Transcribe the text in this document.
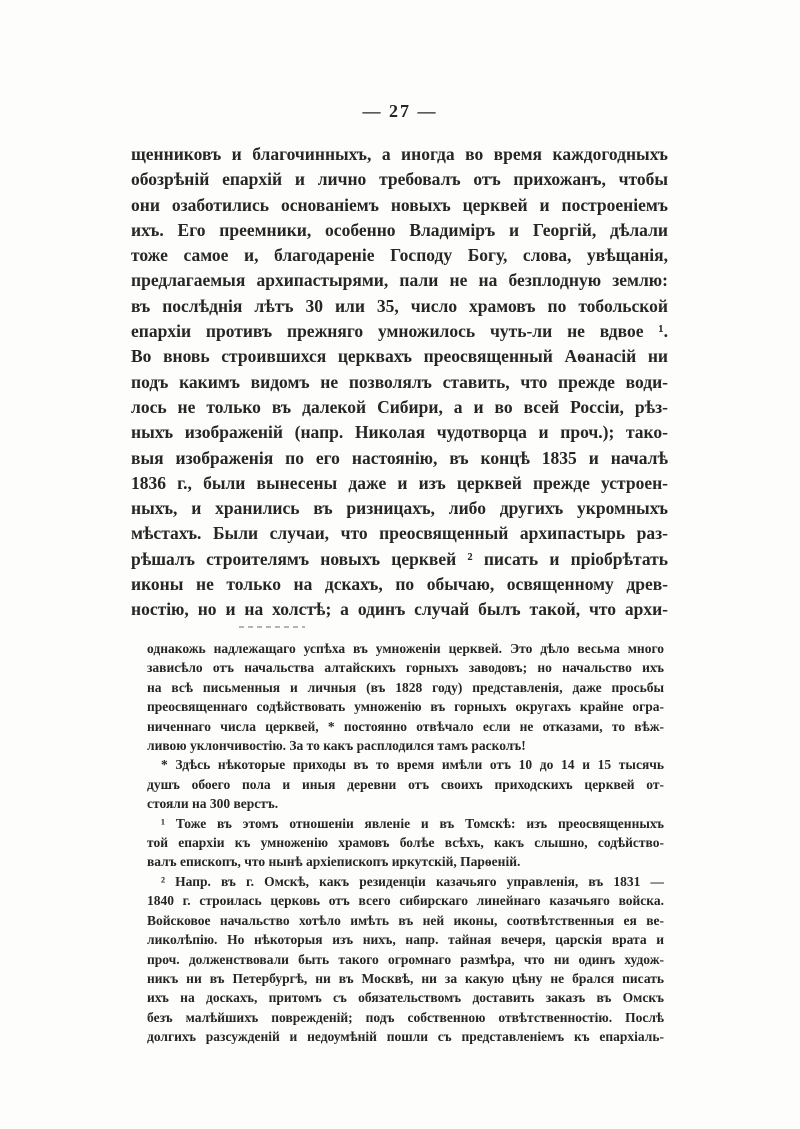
— 27 —
щенниковъ и благочинныхъ, а иногда во время каждогодныхъ
обозрѣній епархій и лично требовалъ отъ прихожанъ, чтобы
они озаботились основаніемъ новыхъ церквей и построеніемъ
ихъ. Его преемники, особенно Владиміръ и Георгій, дѣлали
тоже самое и, благодареніе Господу Богу, слова, увѣщанія,
предлагаемыя архипастырями, пали не на безплодную землю:
въ послѣднія лѣтъ 30 или 35, число храмовъ по тобольской
епархіи противъ прежняго умножилось чуть-ли не вдвое ¹.
Во вновь строившихся церквахъ преосвященный Аѳанасій ни
подъ какимъ видомъ не позволялъ ставить, что прежде води-
лось не только въ далекой Сибири, а и во всей Россіи, рѣз-
ныхъ изображеній (напр. Николая чудотворца и проч.); тако-
выя изображенія по его настоянію, въ концѣ 1835 и началѣ
1836 г., были вынесены даже и изъ церквей прежде устроен-
ныхъ, и хранились въ ризницахъ, либо другихъ укромныхъ
мѣстахъ. Были случаи, что преосвященный архипастырь раз-
рѣшалъ строителямъ новыхъ церквей ² писать и пріобрѣтать
иконы не только на дскахъ, по обычаю, освященному древ-
ностію, но и на холстѣ; а одинъ случай былъ такой, что архи-
однакожь надлежащаго успѣха въ умноженіи церквей. Это дѣло весьма много
зависѣло отъ начальства алтайскихъ горныхъ заводовъ; но начальство ихъ
на всѣ письменныя и личныя (въ 1828 году) представленія, даже просьбы
преосвященнаго содѣйствовать умноженію въ горныхъ округахъ крайне огра-
ниченнаго числа церквей, * постоянно отвѣчало если не отказами, то вѣж-
ливою уклончивостію. За то какъ расплодился тамъ расколъ!
* Здѣсь нѣкоторые приходы въ то время имѣли отъ 10 до 14 и 15 тысячь
душъ обоего пола и иныя деревни отъ своихъ приходскихъ церквей от-
стояли на 300 верстъ.
¹ Тоже въ этомъ отношеніи явленіе и въ Томскѣ: изъ преосвященныхъ
той епархіи къ умноженію храмовъ болѣе всѣхъ, какъ слышно, содѣйство-
валъ епископъ, что нынѣ архіепископъ иркутскій, Парѳеній.
² Напр. въ г. Омскѣ, какъ резиденціи казачьяго управленія, въ 1831 —
1840 г. строилась церковь отъ всего сибирскаго линейнаго казачьяго войска.
Войсковое начальство хотѣло имѣть въ ней иконы, соотвѣтственныя ея ве-
ликолѣпію. Но нѣкоторыя изъ нихъ, напр. тайная вечеря, царскія врата и
проч. долженствовали быть такого огромнаго размѣра, что ни одинъ худож-
никъ ни въ Петербургѣ, ни въ Москвѣ, ни за какую цѣну не брался писать
ихъ на доскахъ, притомъ съ обязательствомъ доставить заказъ въ Омскъ
безъ малѣйшихъ поврежденій; подъ собственною отвѣтственностію. Послѣ
долгихъ разсужденій и недоумѣній пошли съ представленіемъ къ епархіаль-
